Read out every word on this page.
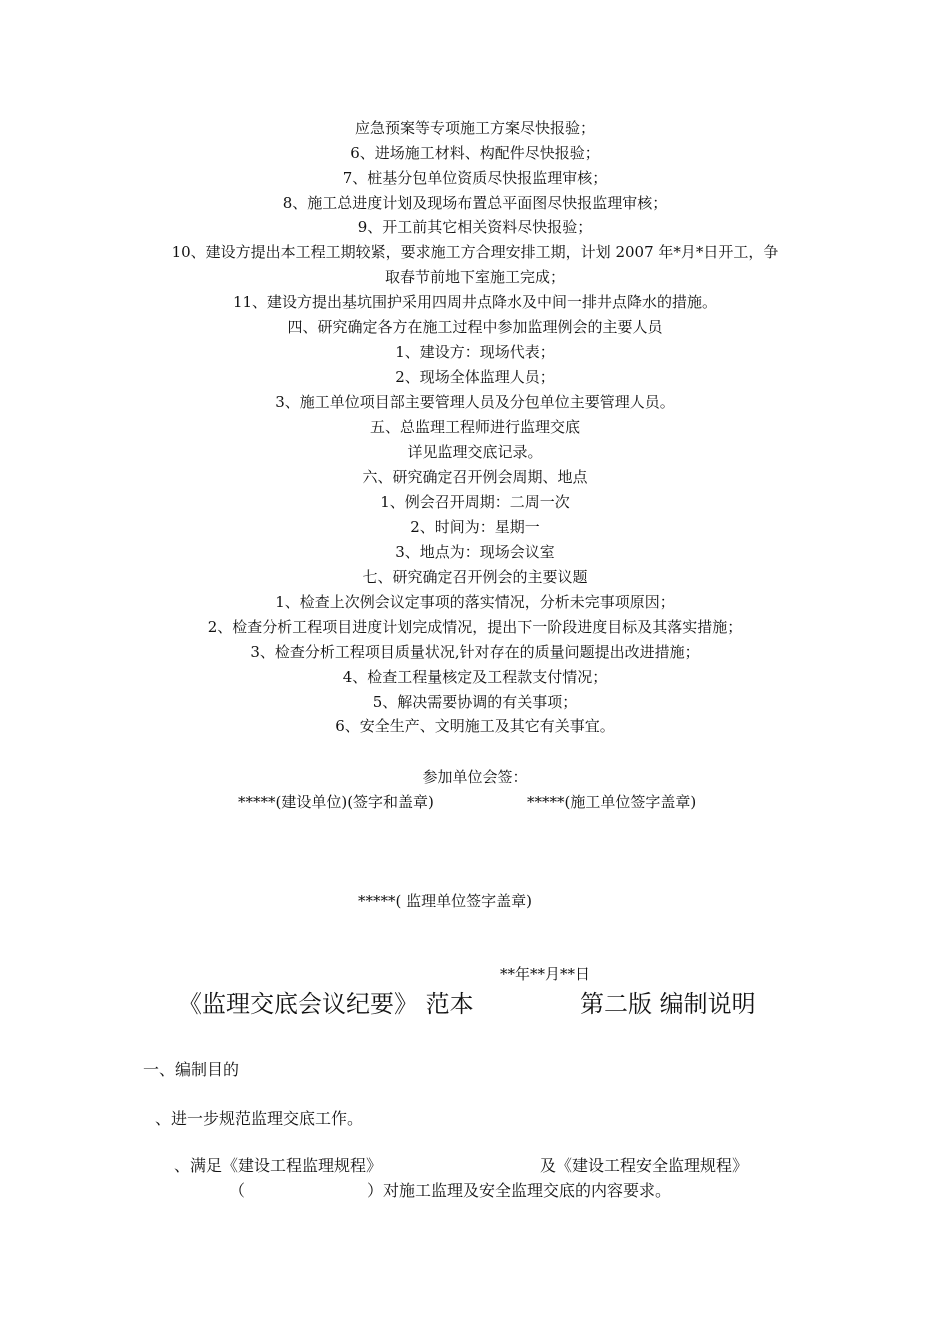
应急预案等专项施工方案尽快报验；
6、进场施工材料、构配件尽快报验；
7、桩基分包单位资质尽快报监理审核；
8、施工总进度计划及现场布置总平面图尽快报监理审核；
9、开工前其它相关资料尽快报验；
10、建设方提出本工程工期较紧，要求施工方合理安排工期，计划 2007 年*月*日开工，争
取春节前地下室施工完成；
11、建设方提出基坑围护采用四周井点降水及中间一排井点降水的措施。
四、研究确定各方在施工过程中参加监理例会的主要人员
1、建设方：现场代表；
2、现场全体监理人员；
3、施工单位项目部主要管理人员及分包单位主要管理人员。
五、总监理工程师进行监理交底
详见监理交底记录。
六、研究确定召开例会周期、地点
1、例会召开周期：二周一次
2、时间为：星期一
3、地点为：现场会议室
七、研究确定召开例会的主要议题
1、检查上次例会议定事项的落实情况，分析未完事项原因；
2、检查分析工程项目进度计划完成情况，提出下一阶段进度目标及其落实措施；
3、检查分析工程项目质量状况,针对存在的质量问题提出改进措施；
4、检查工程量核定及工程款支付情况；
5、解决需要协调的有关事项；
6、安全生产、文明施工及其它有关事宜。
参加单位会签：
*****(建设单位)(签字和盖章)	*****(施工单位签字盖章)
*****( 监理单位签字盖章)
**年**月**日
《监理交底会议纪要》 范本	第二版 编制说明
一、编制目的
、进一步规范监理交底工作。
、满足《建设工程监理规程》	及《建设工程安全监理规程》
（	）对施工监理及安全监理交底的内容要求。
